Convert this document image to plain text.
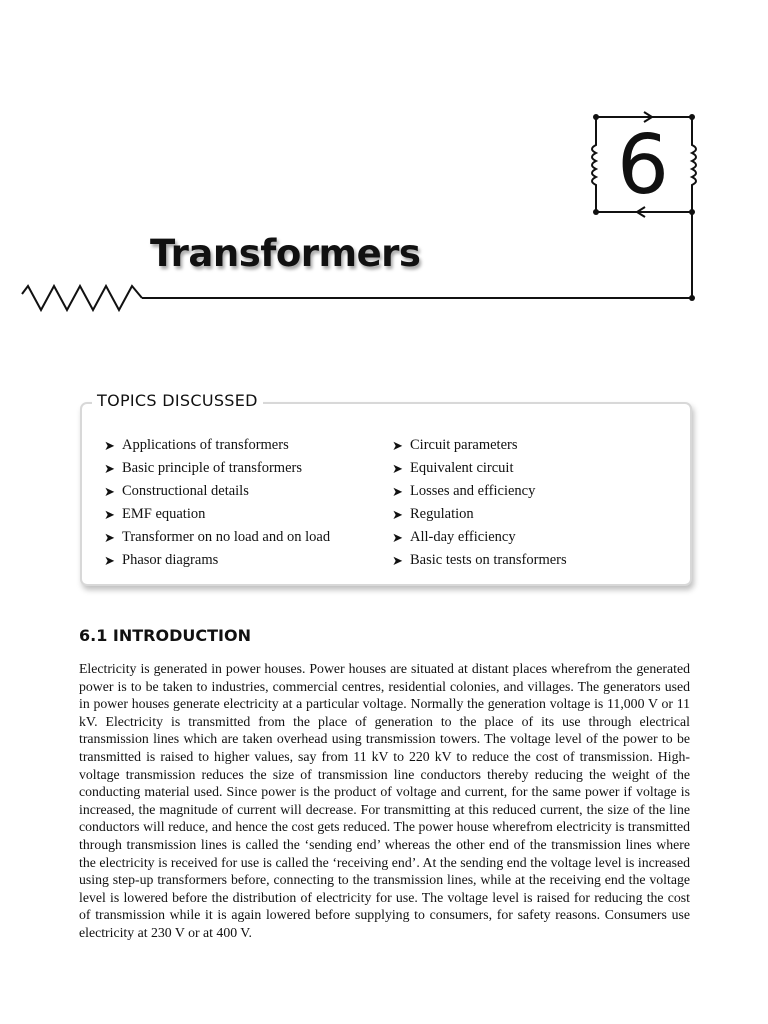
6
Transformers
TOPICS DISCUSSED
➤ Applications of transformers
➤ Basic principle of transformers
➤ Constructional details
➤ EMF equation
➤ Transformer on no load and on load
➤ Phasor diagrams
➤ Circuit parameters
➤ Equivalent circuit
➤ Losses and efficiency
➤ Regulation
➤ All-day efficiency
➤ Basic tests on transformers
6.1 INTRODUCTION

Electricity is generated in power houses. Power houses are situated at distant places wherefrom the generated power is to be taken to industries, commercial centres, residential colonies, and villages. The generators used in power houses generate electricity at a particular voltage. Normally the generation voltage is 11,000 V or 11 kV. Electricity is transmitted from the place of generation to the place of its use through electrical transmission lines which are taken overhead using transmission towers. The voltage level of the power to be transmitted is raised to higher values, say from 11 kV to 220 kV to reduce the cost of transmission. High-voltage transmission reduces the size of transmission line conductors thereby reducing the weight of the conducting material used. Since power is the product of voltage and current, for the same power if voltage is increased, the magnitude of current will decrease. For transmitting at this reduced current, the size of the line conductors will reduce, and hence the cost gets reduced. The power house wherefrom electricity is transmitted through transmission lines is called the ‘sending end’ whereas the other end of the transmission lines where the electricity is received for use is called the ‘receiving end’. At the sending end the voltage level is increased using step-up transformers before, connecting to the transmission lines, while at the receiving end the voltage level is lowered before the distribution of electricity for use. The voltage level is raised for reducing the cost of transmission while it is again lowered before supplying to consumers, for safety reasons. Consumers use electricity at 230 V or at 400 V.
